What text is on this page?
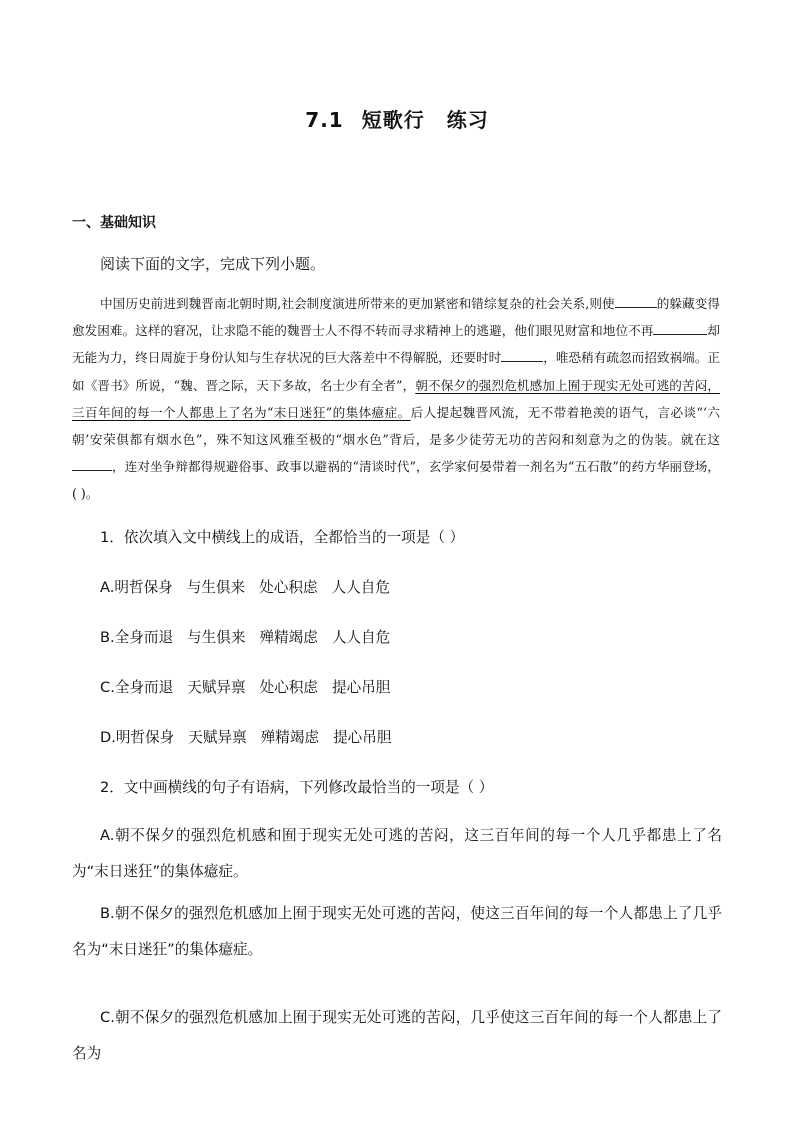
7.1 短歌行 练习
一、基础知识
阅读下面的文字，完成下列小题。
中国历史前进到魏晋南北朝时期,社会制度演进所带来的更加紧密和错综复杂的社会关系,则使	的躲藏变得愈发困难。这样的窘况，让求隐不能的魏晋士人不得不转而寻求精神上的逃避，他们眼见财富和地位不再	却无能为力，终日周旋于身份认知与生存状况的巨大落差中不得解脱，还要时时	，唯恐稍有疏忽而招致祸端。正如《晋书》所说，“魏、晋之际，天下多故，名士少有全者”，朝不保夕的强烈危机感加上囿于现实无处可逃的苦闷，三百年间的每一个人都患上了名为“末日迷狂”的集体癔症。后人提起魏晋风流，无不带着艳羡的语气，言必谈“‘六朝’安荣俱都有烟水色”，殊不知这风雅至极的“烟水色”背后，是多少徒劳无功的苦闷和刻意为之的伪装。就在这，连对坐争辩都得规避俗事、政事以避祸的“清谈时代”，玄学家何晏带着一剂名为“五石散”的药方华丽登场，( )。
1．依次填入文中横线上的成语，全都恰当的一项是（ ）
A.明哲保身 与生俱来 处心积虑 人人自危
B.全身而退 与生俱来 殚精竭虑 人人自危
C.全身而退 天赋异禀 处心积虑 提心吊胆
D.明哲保身 天赋异禀 殚精竭虑 提心吊胆
2．文中画横线的句子有语病，下列修改最恰当的一项是（ ）
A.朝不保夕的强烈危机感和囿于现实无处可逃的苦闷，这三百年间的每一个人几乎都患上了名为“末日迷狂”的集体癔症。
B.朝不保夕的强烈危机感加上囿于现实无处可逃的苦闷，使这三百年间的每一个人都患上了几乎名为“末日迷狂”的集体癔症。
C.朝不保夕的强烈危机感加上囿于现实无处可逃的苦闷，几乎使这三百年间的每一个人都患上了名为
